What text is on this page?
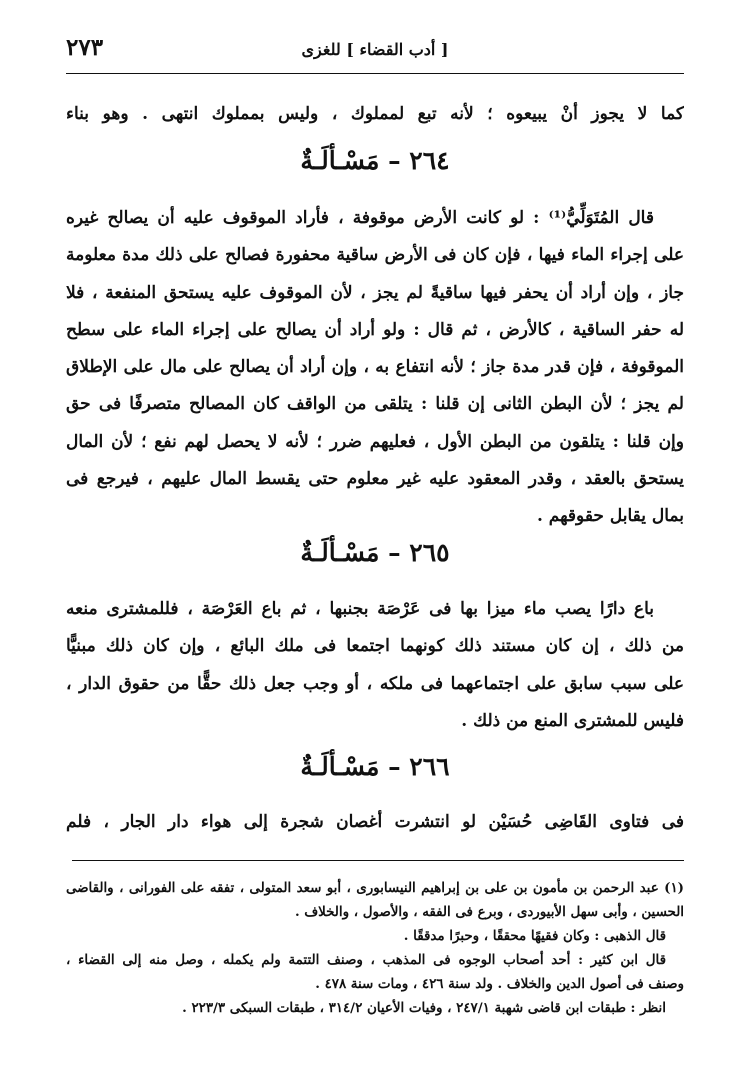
[ أدب القضاء ] للغزى
٢٧٣

كما لا يجوز أنْ يبيعوه ؛ لأنه تبع لمملوك ، وليس بمملوك انتهى . وهو بناء

٢٦٤ – مَسْـألَـةٌ

قال المُتَوَلِّيُّ⁽¹⁾ : لو كانت الأرض موقوفة ، فأراد الموقوف عليه أن يصالح غيره

على إجراء الماء فيها ، فإن كان فى الأرض ساقية محفورة فصالح على ذلك مدة معلومة

جاز ، وإن أراد أن يحفر فيها ساقيةً لم يجز ، لأن الموقوف عليه يستحق المنفعة ، فلا

له حفر الساقية ، كالأرض ، ثم قال : ولو أراد أن يصالح على إجراء الماء على سطح

الموقوفة ، فإن قدر مدة جاز ؛ لأنه انتفاع به ، وإن أراد أن يصالح على مال على الإطلاق

لم يجز ؛ لأن البطن الثانى إن قلنا : يتلقى من الواقف كان المصالح متصرفًا فى حق

وإن قلنا : يتلقون من البطن الأول ، فعليهم ضرر ؛ لأنه لا يحصل لهم نفع ؛ لأن المال

يستحق بالعقد ، وقدر المعقود عليه غير معلوم حتى يقسط المال عليهم ، فيرجع فى

بمال يقابل حقوقهم .

٢٦٥ – مَسْـألَـةٌ

باع دارًا يصب ماء ميزا بها فى عَرْصَة بجنبها ، ثم باع العَرْصَة ، فللمشترى منعه

من ذلك ، إن كان مستند ذلك كونهما اجتمعا فى ملك البائع ، وإن كان ذلك مبنيًّا

على سبب سابق على اجتماعهما فى ملكه ، أو وجب جعل ذلك حقًّا من حقوق الدار ،

فليس للمشترى المنع من ذلك .

٢٦٦ – مَسْـألَـةٌ

فى فتاوى القَاضِى حُسَيْن لو انتشرت أغصان شجرة إلى هواء دار الجار ، فلم

(١) عبد الرحمن بن مأمون بن على بن إبراهيم النيسابورى ، أبو سعد المتولى ، تفقه على الفورانى ، والقاضى

الحسين ، وأبى سهل الأبيوردى ، وبرع فى الفقه ، والأصول ، والخلاف .

قال الذهبى : وكان فقيهًا محققًا ، وحبرًا مدققًا .

قال ابن كثير : أحد أصحاب الوجوه فى المذهب ، وصنف التتمة ولم يكمله ، وصل منه إلى القضاء ،

وصنف فى أصول الدين والخلاف . ولد سنة ٤٢٦ ، ومات سنة ٤٧٨ .

انظر : طبقات ابن قاضى شهبة ٢٤٧/١ ، وفيات الأعيان ٣١٤/٢ ، طبقات السبكى ٢٢٣/٣ .
